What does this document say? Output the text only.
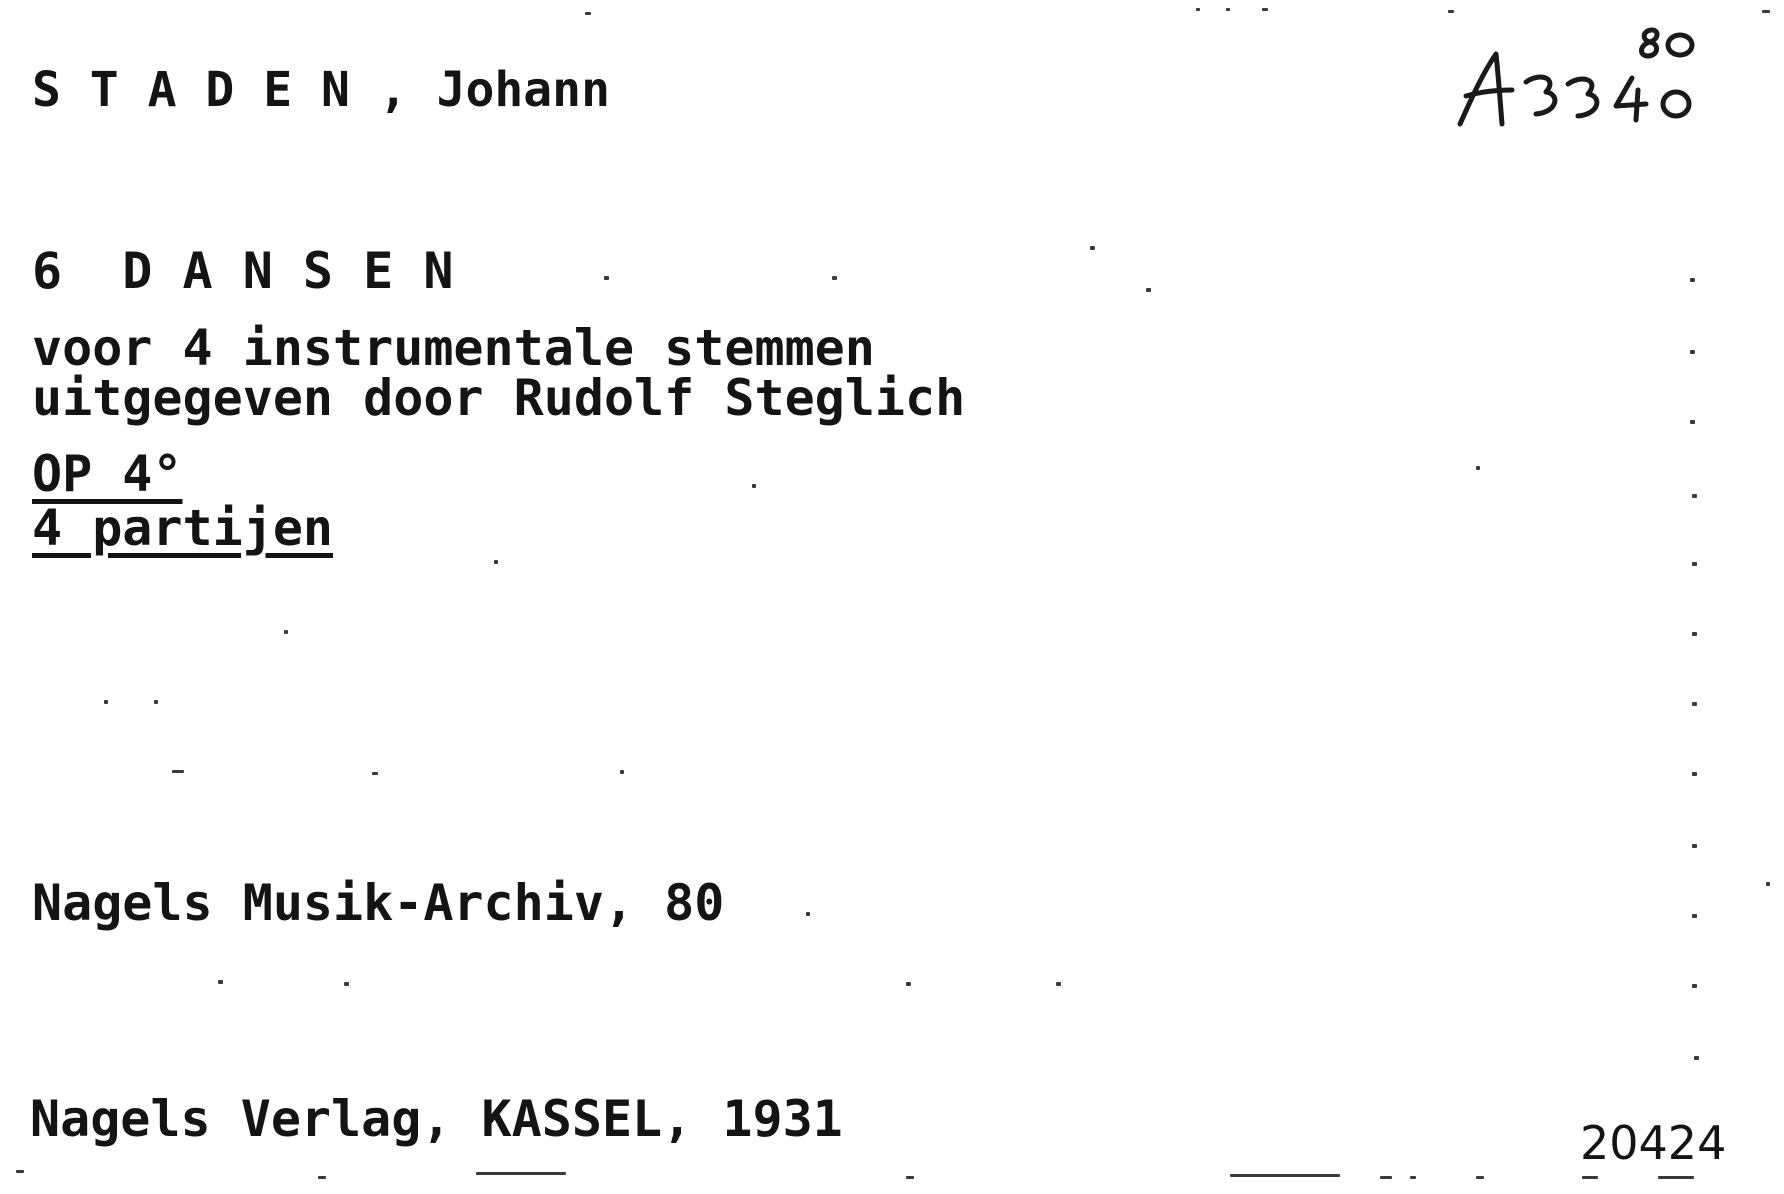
S T A D E N , Johann
6  D A N S E N
voor 4 instrumentale stemmen
uitgegeven door Rudolf Steglich
OP 4°
4 partijen
Nagels Musik-Archiv, 80
Nagels Verlag, KASSEL, 1931	20424
